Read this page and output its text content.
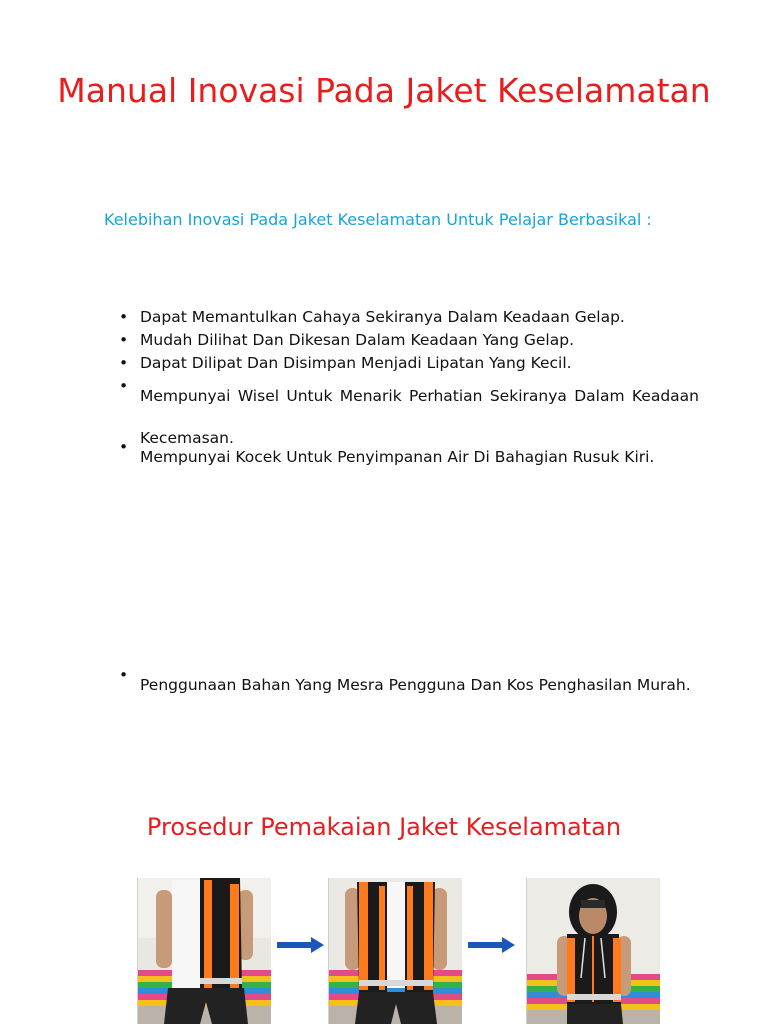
Manual Inovasi Pada Jaket Keselamatan
Kelebihan Inovasi Pada Jaket Keselamatan Untuk Pelajar Berbasikal :
• Dapat Memantulkan Cahaya Sekiranya Dalam Keadaan Gelap.
• Mudah Dilihat Dan Dikesan Dalam Keadaan Yang Gelap.
• Dapat Dilipat Dan Disimpan Menjadi Lipatan Yang Kecil.
•
Mempunyai Wisel Untuk Menarik Perhatian Sekiranya Dalam Keadaan Kecemasan.
•
Mempunyai Kocek Untuk Penyimpanan Air Di Bahagian Rusuk Kiri.
•
Penggunaan Bahan Yang Mesra Pengguna Dan Kos Penghasilan Murah.
Prosedur Pemakaian Jaket Keselamatan
